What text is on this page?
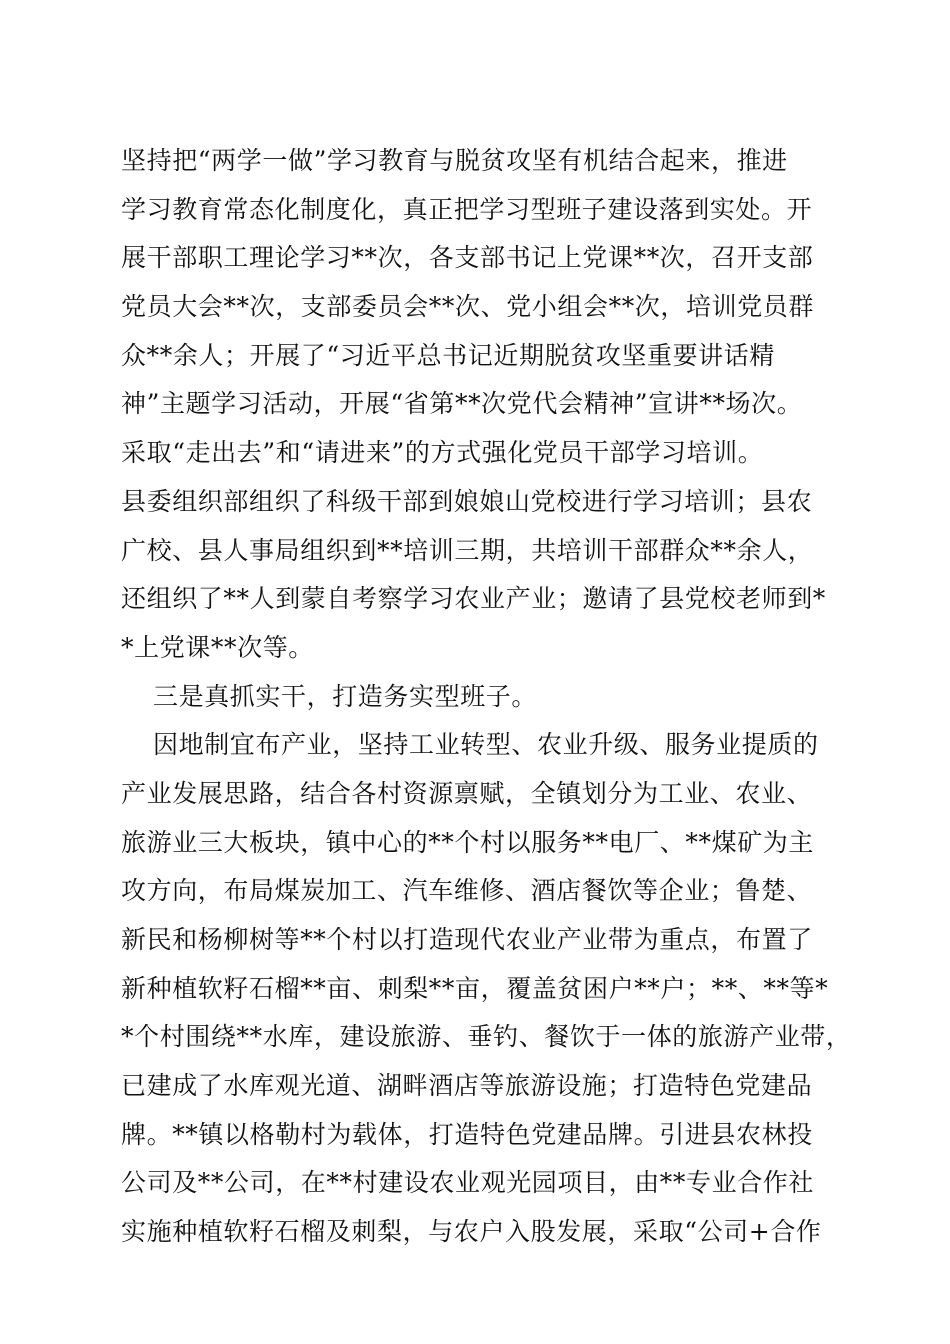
坚持把“两学一做”学习教育与脱贫攻坚有机结合起来，推进
学习教育常态化制度化，真正把学习型班子建设落到实处。开
展干部职工理论学习**次，各支部书记上党课**次，召开支部
党员大会**次，支部委员会**次、党小组会**次，培训党员群
众**余人；开展了“习近平总书记近期脱贫攻坚重要讲话精
神”主题学习活动，开展“省第**次党代会精神”宣讲**场次。
采取“走出去”和“请进来”的方式强化党员干部学习培训。
县委组织部组织了科级干部到娘娘山党校进行学习培训；县农
广校、县人事局组织到**培训三期，共培训干部群众**余人，
还组织了**人到蒙自考察学习农业产业；邀请了县党校老师到*
*上党课**次等。
三是真抓实干，打造务实型班子。
因地制宜布产业，坚持工业转型、农业升级、服务业提质的
产业发展思路，结合各村资源禀赋，全镇划分为工业、农业、
旅游业三大板块，镇中心的**个村以服务**电厂、**煤矿为主
攻方向，布局煤炭加工、汽车维修、酒店餐饮等企业；鲁楚、
新民和杨柳树等**个村以打造现代农业产业带为重点，布置了
新种植软籽石榴**亩、刺梨**亩，覆盖贫困户**户；**、**等*
*个村围绕**水库，建设旅游、垂钓、餐饮于一体的旅游产业带，
已建成了水库观光道、湖畔酒店等旅游设施；打造特色党建品
牌。**镇以格勒村为载体，打造特色党建品牌。引进县农林投
公司及**公司，在**村建设农业观光园项目，由**专业合作社
实施种植软籽石榴及刺梨，与农户入股发展，采取“公司+合作
